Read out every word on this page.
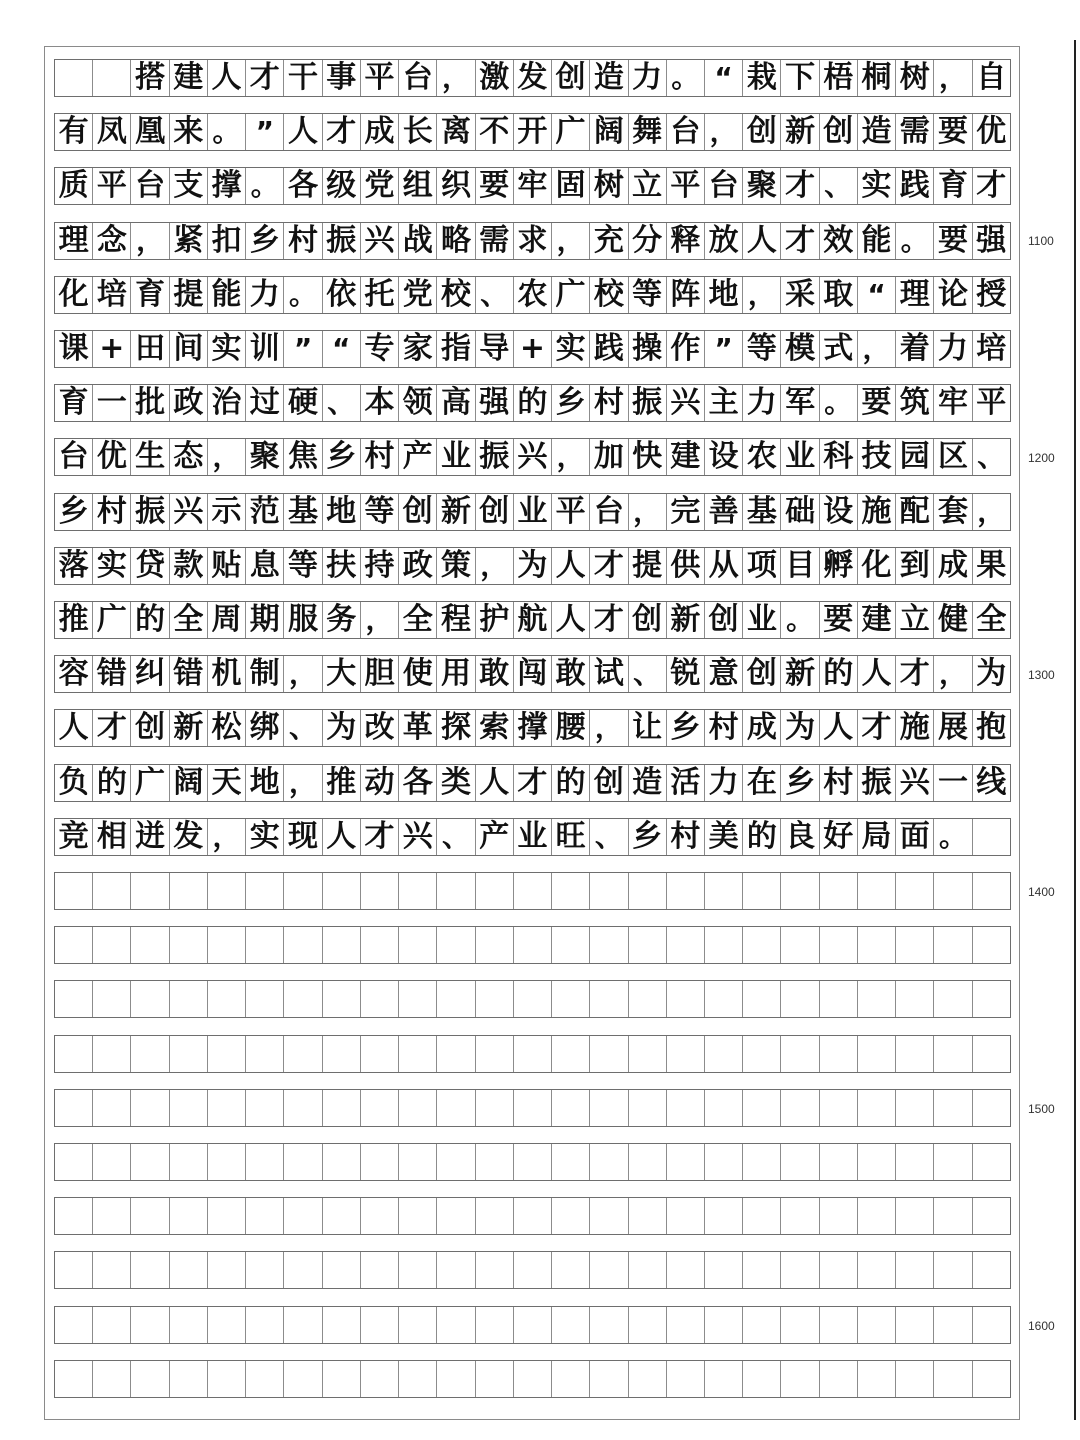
搭 建 人 才 干 事 平 台 ， 激 发 创 造 力 。 “ 栽 下 梧 桐 树 ， 自
有 凤 凰 来 。 ” 人 才 成 长 离 不 开 广 阔 舞 台 ， 创 新 创 造 需 要 优
质 平 台 支 撑 。 各 级 党 组 织 要 牢 固 树 立 平 台 聚 才 、 实 践 育 才
理 念 ， 紧 扣 乡 村 振 兴 战 略 需 求 ， 充 分 释 放 人 才 效 能 。 要 强
化 培 育 提 能 力 。 依 托 党 校 、 农 广 校 等 阵 地 ， 采 取 “ 理 论 授
课 + 田 间 实 训 ” “ 专 家 指 导 + 实 践 操 作 ” 等 模 式 ， 着 力 培
育 一 批 政 治 过 硬 、 本 领 高 强 的 乡 村 振 兴 主 力 军 。 要 筑 牢 平
台 优 生 态 ， 聚 焦 乡 村 产 业 振 兴 ， 加 快 建 设 农 业 科 技 园 区 、
乡 村 振 兴 示 范 基 地 等 创 新 创 业 平 台 ， 完 善 基 础 设 施 配 套 ，
落 实 贷 款 贴 息 等 扶 持 政 策 ， 为 人 才 提 供 从 项 目 孵 化 到 成 果
推 广 的 全 周 期 服 务 ， 全 程 护 航 人 才 创 新 创 业 。 要 建 立 健 全
容 错 纠 错 机 制 ， 大 胆 使 用 敢 闯 敢 试 、 锐 意 创 新 的 人 才 ， 为
人 才 创 新 松 绑 、 为 改 革 探 索 撑 腰 ， 让 乡 村 成 为 人 才 施 展 抱
负 的 广 阔 天 地 ， 推 动 各 类 人 才 的 创 造 活 力 在 乡 村 振 兴 一 线
竞 相 迸 发 ， 实 现 人 才 兴 、 产 业 旺 、 乡 村 美 的 良 好 局 面 。
1100
1200
1300
1400
1500
1600
